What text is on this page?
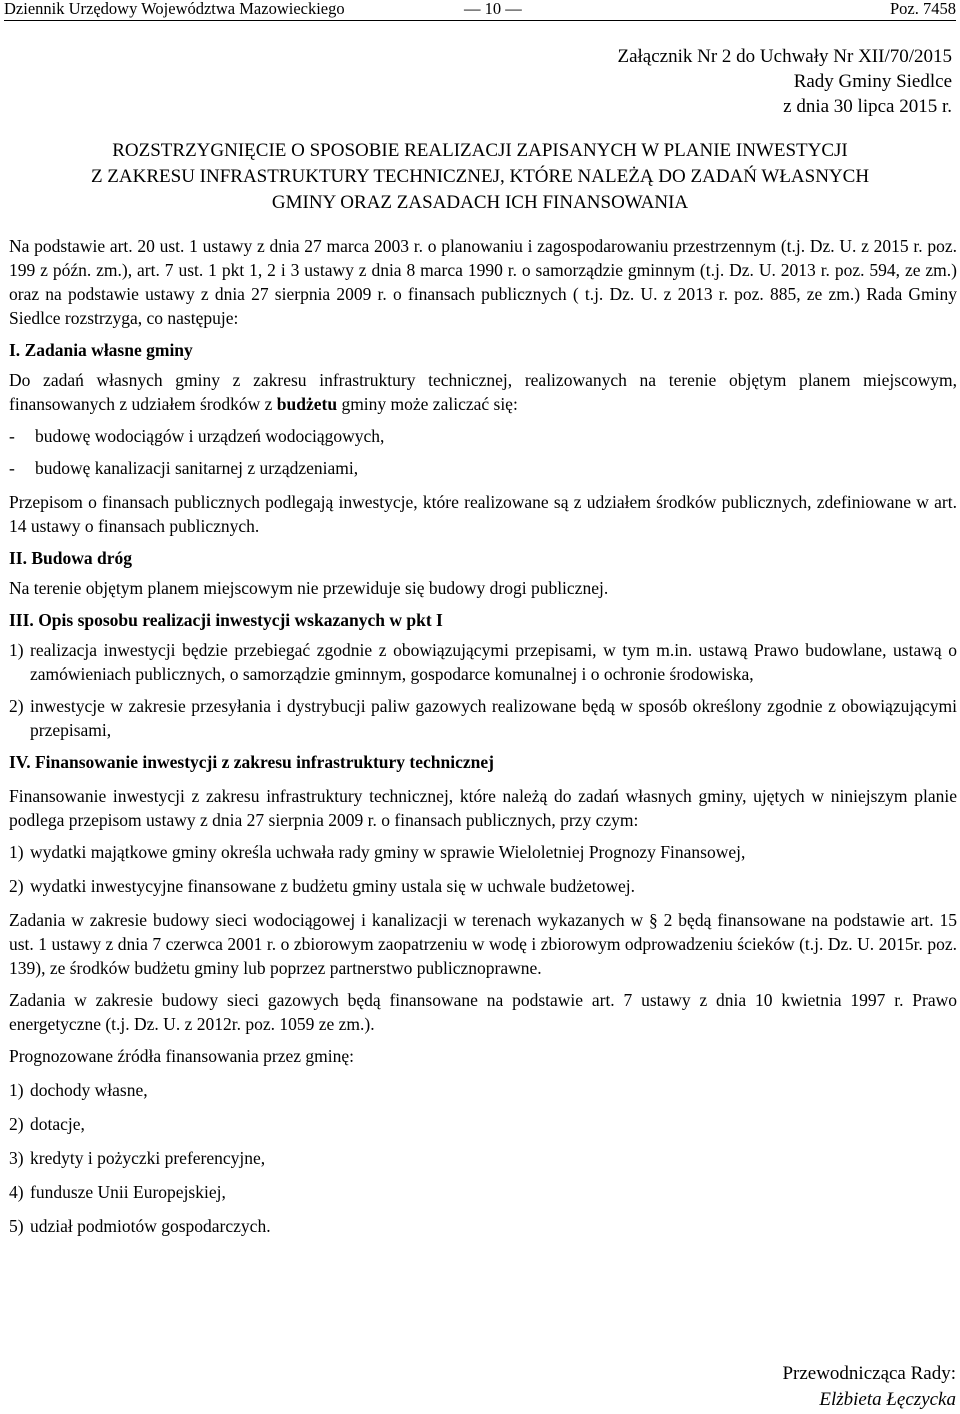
Dziennik Urzędowy Województwa Mazowieckiego	— 10 —	Poz. 7458
Załącznik Nr 2 do Uchwały Nr XII/70/2015
Rady Gminy Siedlce
z dnia 30 lipca 2015 r.
ROZSTRZYGNIĘCIE O SPOSOBIE REALIZACJI ZAPISANYCH W PLANIE INWESTYCJI
Z ZAKRESU INFRASTRUKTURY TECHNICZNEJ, KTÓRE NALEŻĄ DO ZADAŃ WŁASNYCH
GMINY ORAZ ZASADACH ICH FINANSOWANIA

Na podstawie art. 20 ust. 1 ustawy z dnia 27 marca 2003 r. o planowaniu i zagospodarowaniu przestrzennym (t.j. Dz. U. z 2015 r. poz. 199 z późn. zm.), art. 7 ust. 1 pkt 1, 2 i 3 ustawy z dnia 8 marca 1990 r. o samorządzie gminnym (t.j. Dz. U. 2013 r. poz. 594, ze zm.) oraz na podstawie ustawy z dnia 27 sierpnia 2009 r. o finansach publicznych ( t.j. Dz. U. z 2013 r. poz. 885, ze zm.) Rada Gminy Siedlce rozstrzyga, co następuje:

I. Zadania własne gminy

Do zadań własnych gminy z zakresu infrastruktury technicznej, realizowanych na terenie objętym planem miejscowym, finansowanych z udziałem środków z budżetu gminy może zaliczać się:

- budowę wodociągów i urządzeń wodociągowych,
- budowę kanalizacji sanitarnej z urządzeniami,

Przepisom o finansach publicznych podlegają inwestycje, które realizowane są z udziałem środków publicznych, zdefiniowane w art. 14 ustawy o finansach publicznych.

II. Budowa dróg

Na terenie objętym planem miejscowym nie przewiduje się budowy drogi publicznej.

III. Opis sposobu realizacji inwestycji wskazanych w pkt I

1) realizacja inwestycji będzie przebiegać zgodnie z obowiązującymi przepisami, w tym m.in. ustawą Prawo budowlane, ustawą o zamówieniach publicznych, o samorządzie gminnym, gospodarce komunalnej i o ochronie środowiska,
2) inwestycje w zakresie przesyłania i dystrybucji paliw gazowych realizowane będą w sposób określony zgodnie z obowiązującymi przepisami,

IV. Finansowanie inwestycji z zakresu infrastruktury technicznej

Finansowanie inwestycji z zakresu infrastruktury technicznej, które należą do zadań własnych gminy, ujętych w niniejszym planie podlega przepisom ustawy z dnia 27 sierpnia 2009 r. o finansach publicznych, przy czym:

1) wydatki majątkowe gminy określa uchwała rady gminy w sprawie Wieloletniej Prognozy Finansowej,
2) wydatki inwestycyjne finansowane z budżetu gminy ustala się w uchwale budżetowej.

Zadania w zakresie budowy sieci wodociągowej i kanalizacji w terenach wykazanych w § 2 będą finansowane na podstawie art. 15 ust. 1 ustawy z dnia 7 czerwca 2001 r. o zbiorowym zaopatrzeniu w wodę i zbiorowym odprowadzeniu ścieków (t.j. Dz. U. 2015r. poz. 139), ze środków budżetu gminy lub poprzez partnerstwo publicznoprawne.

Zadania w zakresie budowy sieci gazowych będą finansowane na podstawie art. 7 ustawy z dnia 10 kwietnia 1997 r. Prawo energetyczne (t.j. Dz. U. z 2012r. poz. 1059 ze zm.).

Prognozowane źródła finansowania przez gminę:

1) dochody własne,
2) dotacje,
3) kredyty i pożyczki preferencyjne,
4) fundusze Unii Europejskiej,
5) udział podmiotów gospodarczych.
Przewodnicząca Rady:
Elżbieta Łęczycka
